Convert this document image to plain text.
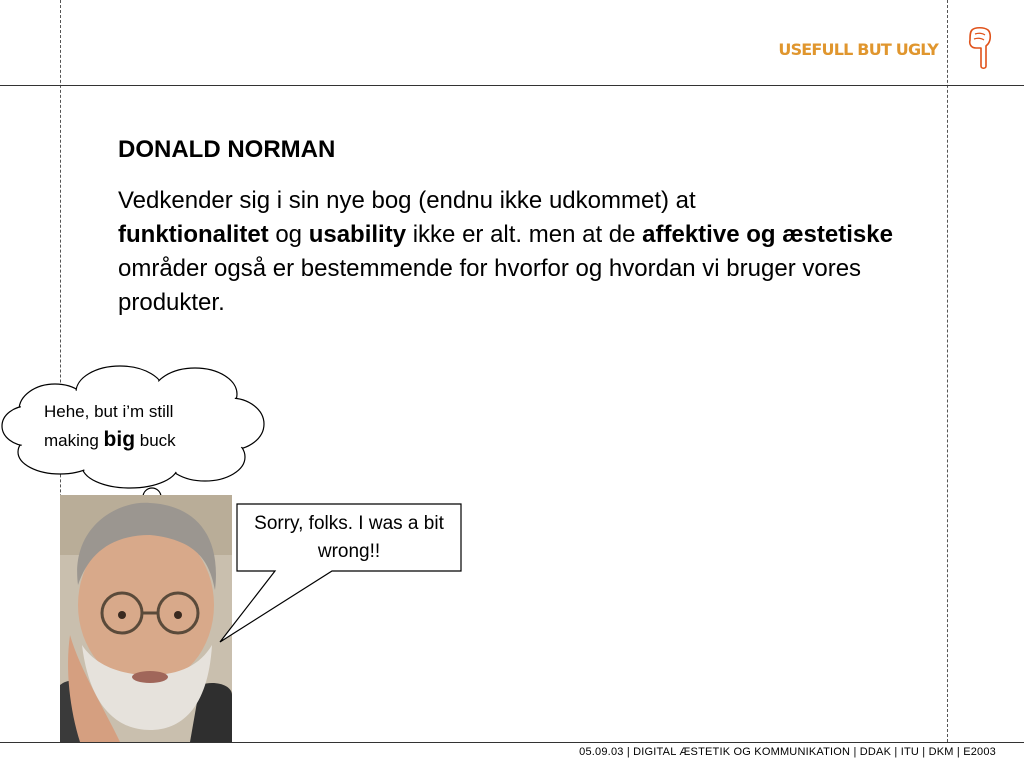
USEFULL BUT UGLY
DONALD NORMAN
Vedkender sig i sin nye bog (endnu ikke udkommet) at
funktionalitet og usability ikke er alt. men at de affektive og æstetiske områder også er bestemmende for hvorfor og hvordan vi bruger vores produkter.
Hehe, but i’m still
making big buck
Sorry, folks. I was a bit wrong!!
05.09.03 | DIGITAL ÆSTETIK OG KOMMUNIKATION | DDAK | ITU | DKM | E2003
